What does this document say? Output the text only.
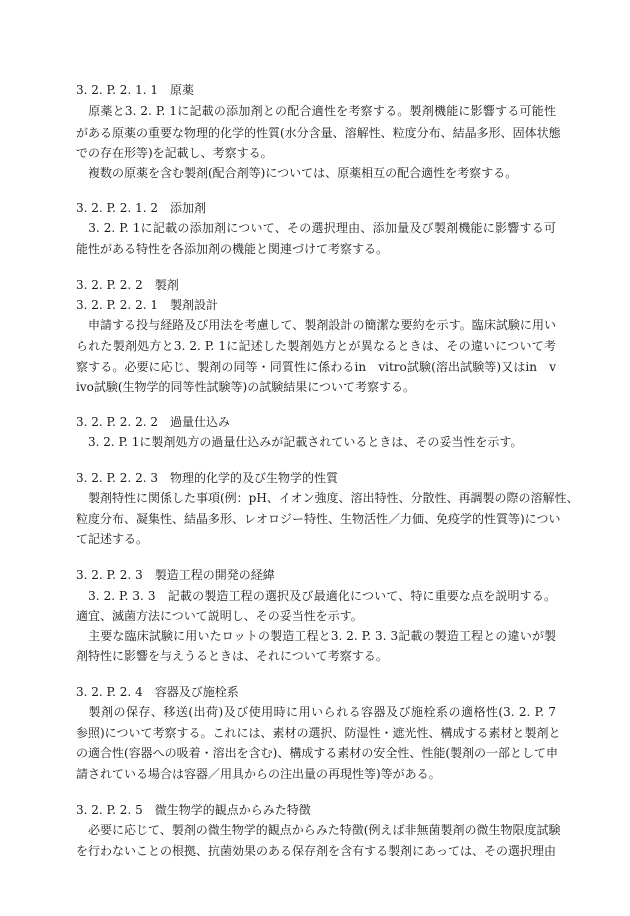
3. 2. P. 2. 1. 1　原薬
　原薬と3. 2. P. 1に記載の添加剤との配合適性を考察する。製剤機能に影響する可能性
がある原薬の重要な物理的化学的性質(水分含量、溶解性、粒度分布、結晶多形、固体状態
での存在形等)を記載し、考察する。
　複数の原薬を含む製剤(配合剤等)については、原薬相互の配合適性を考察する。
3. 2. P. 2. 1. 2　添加剤
　3. 2. P. 1に記載の添加剤について、その選択理由、添加量及び製剤機能に影響する可
能性がある特性を各添加剤の機能と関連づけて考察する。
3. 2. P. 2. 2　製剤
3. 2. P. 2. 2. 1　製剤設計
　申請する投与経路及び用法を考慮して、製剤設計の簡潔な要約を示す。臨床試験に用い
られた製剤処方と3. 2. P. 1に記述した製剤処方とが異なるときは、その違いについて考
察する。必要に応じ、製剤の同等・同質性に係わるin　vitro試験(溶出試験等)又はin　v
ivo試験(生物学的同等性試験等)の試験結果について考察する。
3. 2. P. 2. 2. 2　過量仕込み
　3. 2. P. 1に製剤処方の過量仕込みが記載されているときは、その妥当性を示す。
3. 2. P. 2. 2. 3　物理的化学的及び生物学的性質
　製剤特性に関係した事項(例：pH、イオン強度、溶出特性、分散性、再調製の際の溶解性、
粒度分布、凝集性、結晶多形、レオロジー特性、生物活性／力価、免疫学的性質等)につい
て記述する。
3. 2. P. 2. 3　製造工程の開発の経緯
　3. 2. P. 3. 3　記載の製造工程の選択及び最適化について、特に重要な点を説明する。
適宜、滅菌方法について説明し、その妥当性を示す。
　主要な臨床試験に用いたロットの製造工程と3. 2. P. 3. 3記載の製造工程との違いが製
剤特性に影響を与えうるときは、それについて考察する。
3. 2. P. 2. 4　容器及び施栓系
　製剤の保存、移送(出荷)及び使用時に用いられる容器及び施栓系の適格性(3. 2. P. 7
参照)について考察する。これには、素材の選択、防湿性・遮光性、構成する素材と製剤と
の適合性(容器への吸着・溶出を含む)、構成する素材の安全性、性能(製剤の一部として申
請されている場合は容器／用具からの注出量の再現性等)等がある。
3. 2. P. 2. 5　微生物学的観点からみた特徴
　必要に応じて、製剤の微生物学的観点からみた特徴(例えば非無菌製剤の微生物限度試験
を行わないことの根拠、抗菌効果のある保存剤を含有する製剤にあっては、その選択理由
